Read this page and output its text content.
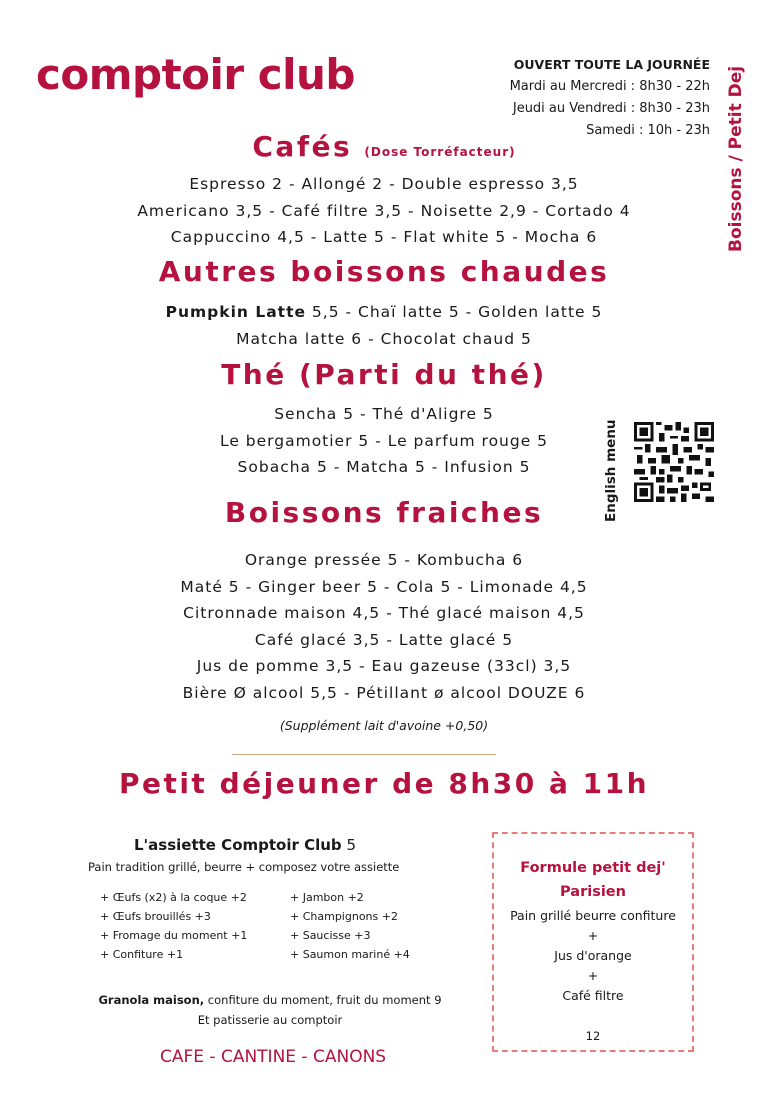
comptoir club	OUVERT TOUTE LA JOURNÉE
Mardi au Mercredi : 8h30 - 22h
Jeudi au Vendredi : 8h30 - 23h
Samedi : 10h - 23h Boissons / Petit Dej
Cafés (Dose Torréfacteur)
Espresso 2 - Allongé 2 - Double espresso 3,5
Americano 3,5 - Café filtre 3,5 - Noisette 2,9 - Cortado 4
Cappuccino 4,5 - Latte 5 - Flat white 5 - Mocha 6
Autres boissons chaudes
Pumpkin Latte 5,5 - Chaï latte 5 - Golden latte 5
Matcha latte 6 - Chocolat chaud 5
Thé (Parti du thé)
Sencha 5 - Thé d'Aligre 5
Le bergamotier 5 - Le parfum rouge 5
Sobacha 5 - Matcha 5 - Infusion 5	English menu
Boissons fraiches
Orange pressée 5 - Kombucha 6
Maté 5 - Ginger beer 5 - Cola 5 - Limonade 4,5
Citronnade maison 4,5 - Thé glacé maison 4,5
Café glacé 3,5 - Latte glacé 5
Jus de pomme 3,5 - Eau gazeuse (33cl) 3,5
Bière Ø alcool 5,5 - Pétillant ø alcool DOUZE 6
(Supplément lait d'avoine +0,50)
Petit déjeuner de 8h30 à 11h
L'assiette Comptoir Club 5
Pain tradition grillé, beurre + composez votre assiette
+ Œufs (x2) à la coque +2
+ Œufs brouillés +3
+ Fromage du moment +1
+ Confiture +1
+ Jambon +2
+ Champignons +2
+ Saucisse +3
+ Saumon mariné +4
Granola maison, confiture du moment, fruit du moment 9
Et patisserie au comptoir
CAFE - CANTINE - CANONS
Formule petit dej'
Parisien
Pain grillé beurre confiture
+
Jus d'orange
+
Café filtre
12
